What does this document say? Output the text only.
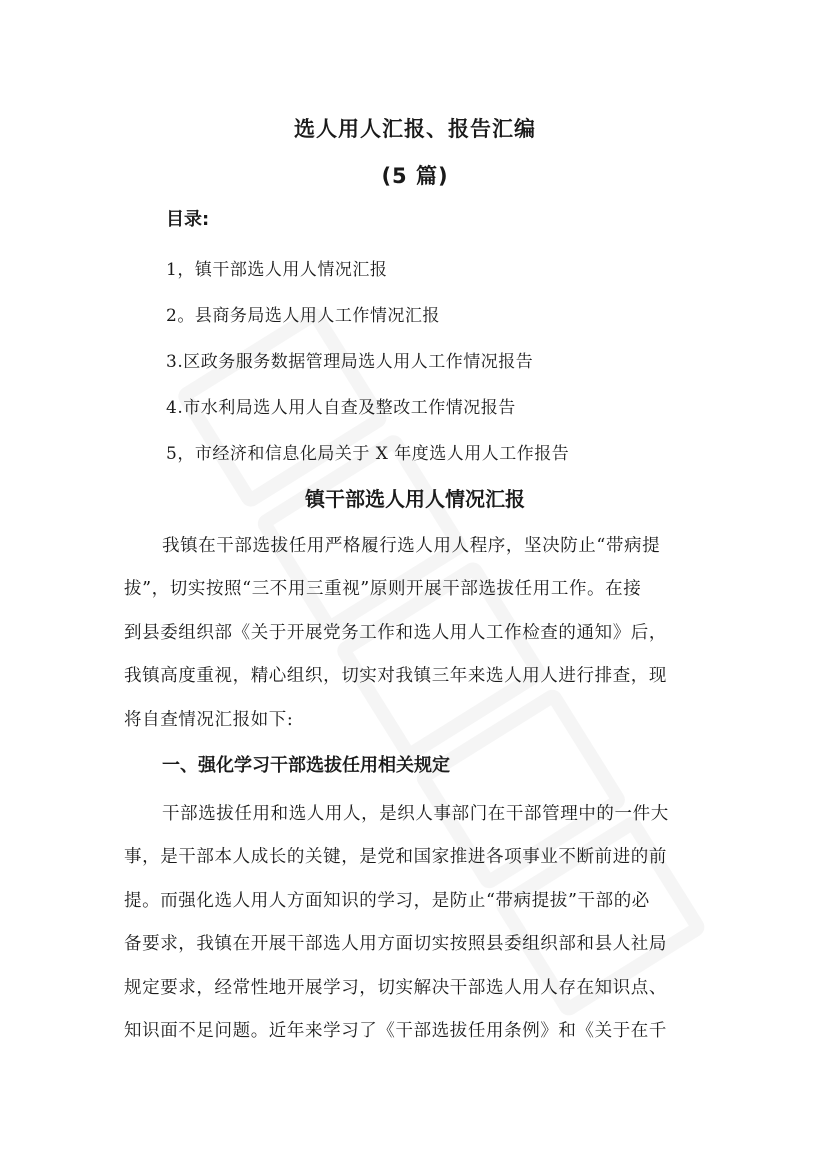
选人用人汇报、报告汇编
(5 篇)
目录:
1，镇干部选人用人情况汇报
2。县商务局选人用人工作情况汇报
3.区政务服务数据管理局选人用人工作情况报告
4.市水利局选人用人自查及整改工作情况报告
5，市经济和信息化局关于 X 年度选人用人工作报告
镇干部选人用人情况汇报
我镇在干部选拔任用严格履行选人用人程序，坚决防止“带病提
拔”，切实按照“三不用三重视”原则开展干部选拔任用工作。在接
到县委组织部《关于开展党务工作和选人用人工作检查的通知》后，
我镇高度重视，精心组织，切实对我镇三年来选人用人进行排查，现
将自查情况汇报如下:
一、强化学习干部选拔任用相关规定
干部选拔任用和选人用人，是织人事部门在干部管理中的一件大
事，是干部本人成长的关键，是党和国家推进各项事业不断前进的前
提。而强化选人用人方面知识的学习，是防止“带病提拔”干部的必
备要求，我镇在开展干部选人用方面切实按照县委组织部和县人社局
规定要求，经常性地开展学习，切实解决干部选人用人存在知识点、
知识面不足问题。近年来学习了《干部选拔任用条例》和《关于在千
